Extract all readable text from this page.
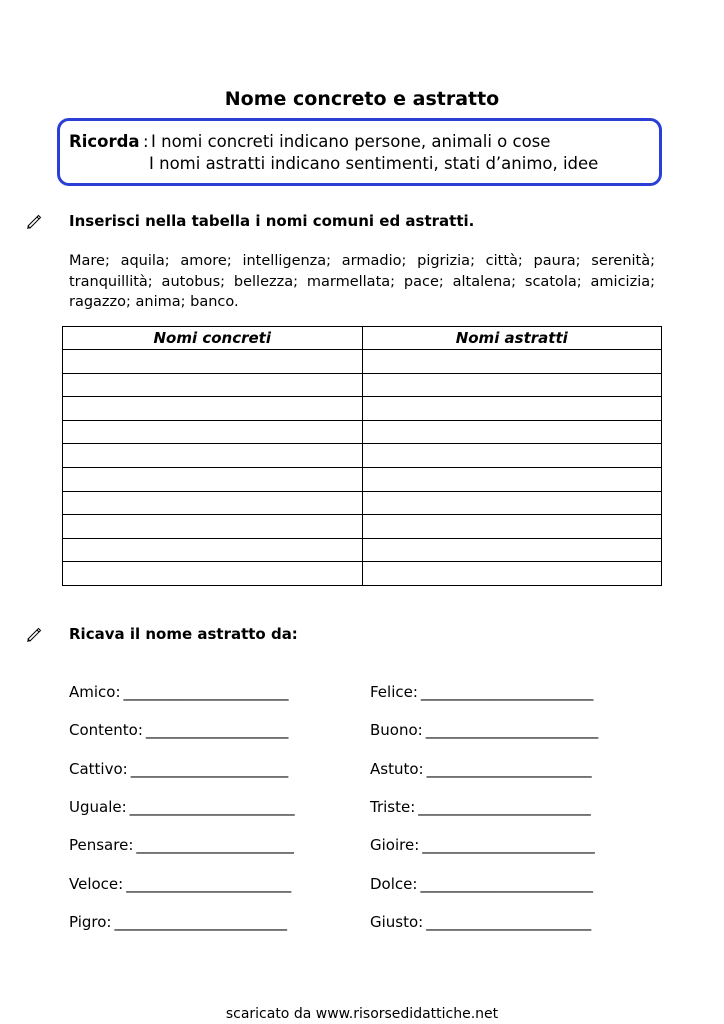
Nome concreto e astratto
Ricorda : I nomi concreti indicano persone, animali o cose
I nomi astratti indicano sentimenti, stati d’animo, idee
Inserisci nella tabella i nomi comuni ed astratti.
Mare; aquila; amore; intelligenza; armadio; pigrizia; città; paura; serenità; tranquillità; autobus; bellezza; marmellata; pace; altalena; scatola; amicizia; ragazzo; anima; banco.
Nomi concreti	Nomi astratti

Ricava il nome astratto da:
Amico: ______________________
Contento: ___________________
Cattivo: _____________________
Uguale: ______________________
Pensare: _____________________
Veloce: ______________________
Pigro: _______________________
Felice: _______________________
Buono: _______________________
Astuto: ______________________
Triste: _______________________
Gioire: _______________________
Dolce: _______________________
Giusto: ______________________
scaricato da www.risorsedidattiche.net
